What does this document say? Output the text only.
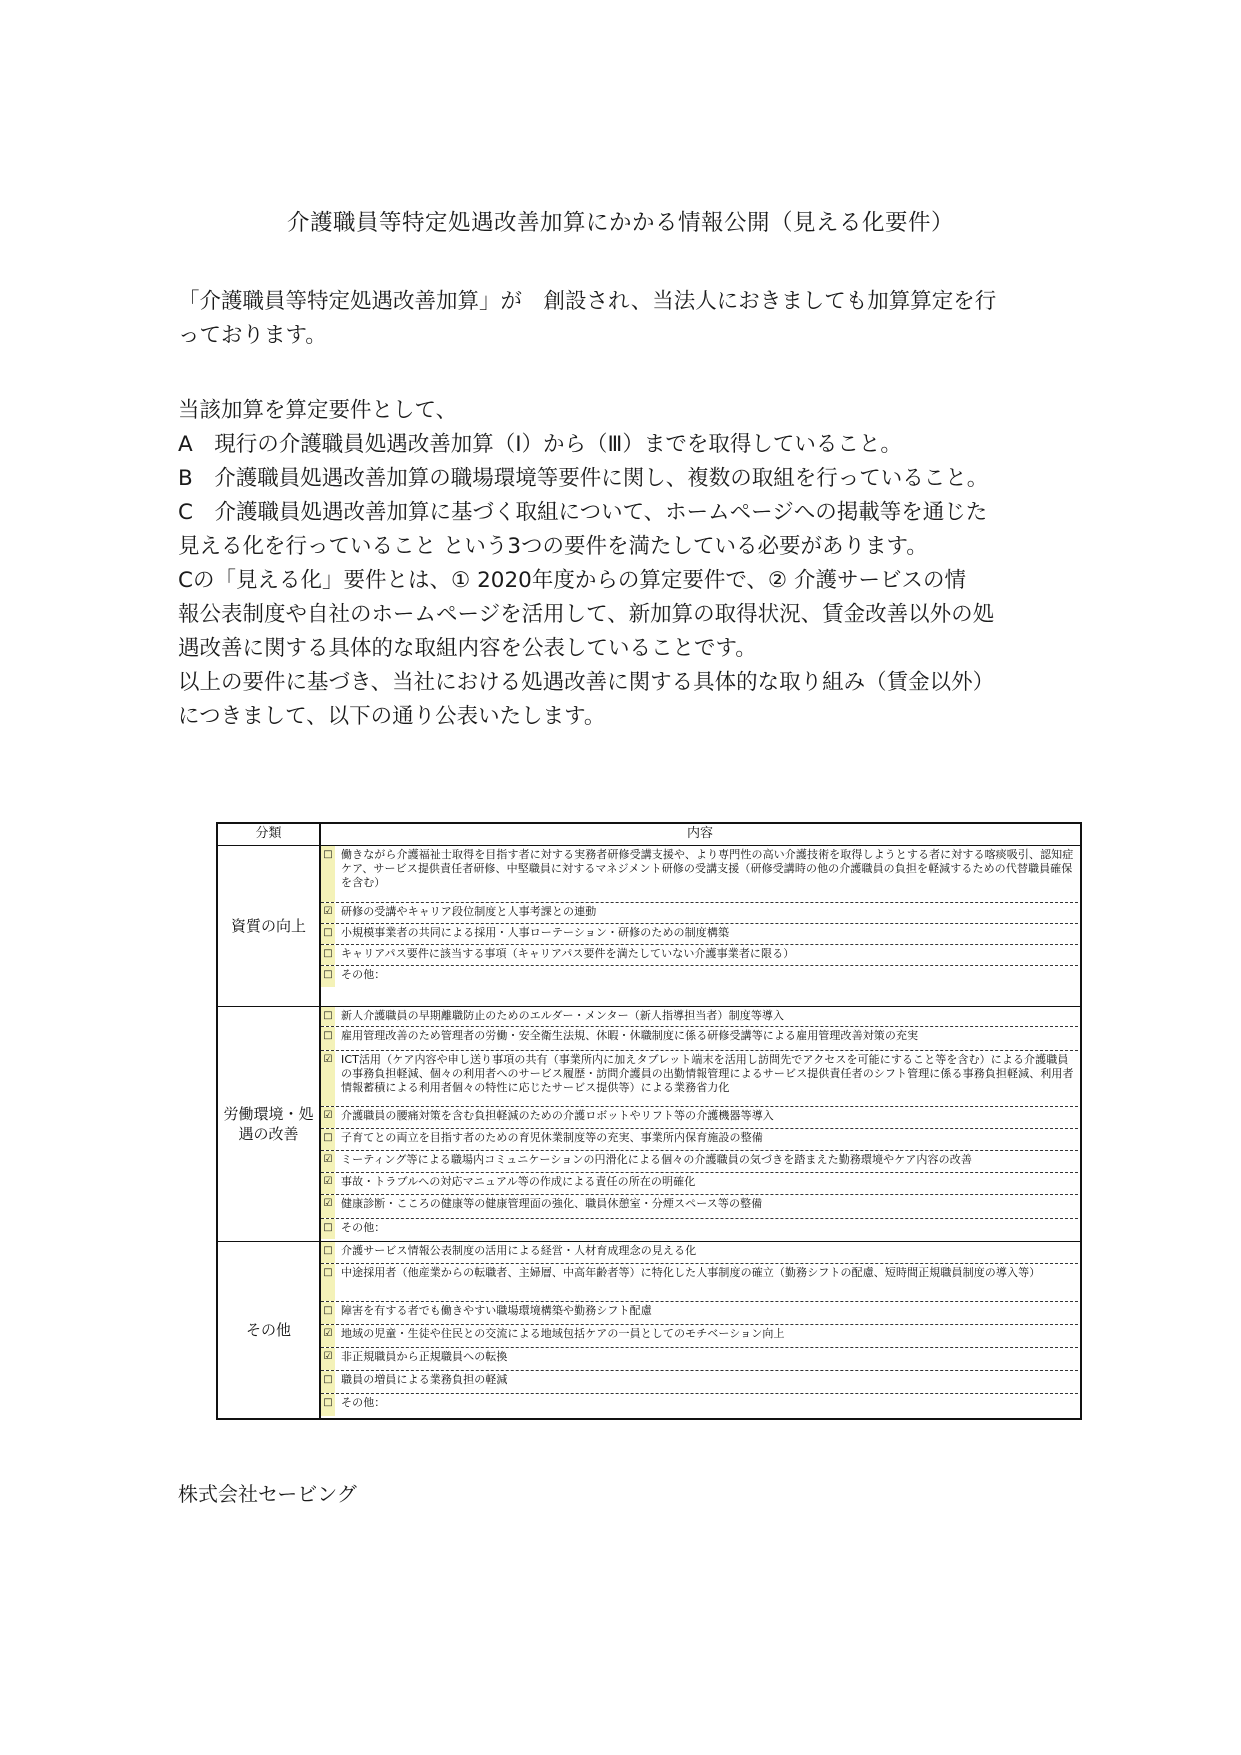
介護職員等特定処遇改善加算にかかる情報公開（見える化要件）
「介護職員等特定処遇改善加算」が　創設され、当法人におきましても加算算定を行
っております。
当該加算を算定要件として、
A　現行の介護職員処遇改善加算（Ⅰ）から（Ⅲ）までを取得していること。
B　介護職員処遇改善加算の職場環境等要件に関し、複数の取組を行っていること。
C　介護職員処遇改善加算に基づく取組について、ホームページへの掲載等を通じた
見える化を行っていること という3つの要件を満たしている必要があります。
Cの「見える化」要件とは、① 2020年度からの算定要件で、② 介護サービスの情
報公表制度や自社のホームページを活用して、新加算の取得状況、賃金改善以外の処
遇改善に関する具体的な取組内容を公表していることです。
以上の要件に基づき、当社における処遇改善に関する具体的な取り組み（賃金以外）
につきまして、以下の通り公表いたします。
分類	内容
資質の向上
□ 働きながら介護福祉士取得を目指す者に対する実務者研修受講支援や、より専門性の高い介護技術を取得しようとする者に対する喀痰吸引、認知症ケア、サービス提供責任者研修、中堅職員に対するマネジメント研修の受講支援（研修受講時の他の介護職員の負担を軽減するための代替職員確保を含む）
☑ 研修の受講やキャリア段位制度と人事考課との連動
□ 小規模事業者の共同による採用・人事ローテーション・研修のための制度構築
□ キャリアパス要件に該当する事項（キャリアパス要件を満たしていない介護事業者に限る）
□ その他：
労働環境・処遇の改善
□ 新人介護職員の早期離職防止のためのエルダー・メンター（新人指導担当者）制度等導入
□ 雇用管理改善のため管理者の労働・安全衛生法規、休暇・休職制度に係る研修受講等による雇用管理改善対策の充実
☑ ICT活用（ケア内容や申し送り事項の共有（事業所内に加えタブレット端末を活用し訪問先でアクセスを可能にすること等を含む）による介護職員の事務負担軽減、個々の利用者へのサービス履歴・訪問介護員の出勤情報管理によるサービス提供責任者のシフト管理に係る事務負担軽減、利用者情報蓄積による利用者個々の特性に応じたサービス提供等）による業務省力化
☑ 介護職員の腰痛対策を含む負担軽減のための介護ロボットやリフト等の介護機器等導入
□ 子育てとの両立を目指す者のための育児休業制度等の充実、事業所内保育施設の整備
☑ ミーティング等による職場内コミュニケーションの円滑化による個々の介護職員の気づきを踏まえた勤務環境やケア内容の改善
☑ 事故・トラブルへの対応マニュアル等の作成による責任の所在の明確化
☑ 健康診断・こころの健康等の健康管理面の強化、職員休憩室・分煙スペース等の整備
□ その他：
その他
□ 介護サービス情報公表制度の活用による経営・人材育成理念の見える化
□ 中途採用者（他産業からの転職者、主婦層、中高年齢者等）に特化した人事制度の確立（勤務シフトの配慮、短時間正規職員制度の導入等）
□ 障害を有する者でも働きやすい職場環境構築や勤務シフト配慮
☑ 地域の児童・生徒や住民との交流による地域包括ケアの一員としてのモチベーション向上
☑ 非正規職員から正規職員への転換
□ 職員の増員による業務負担の軽減
□ その他：
株式会社セービング
